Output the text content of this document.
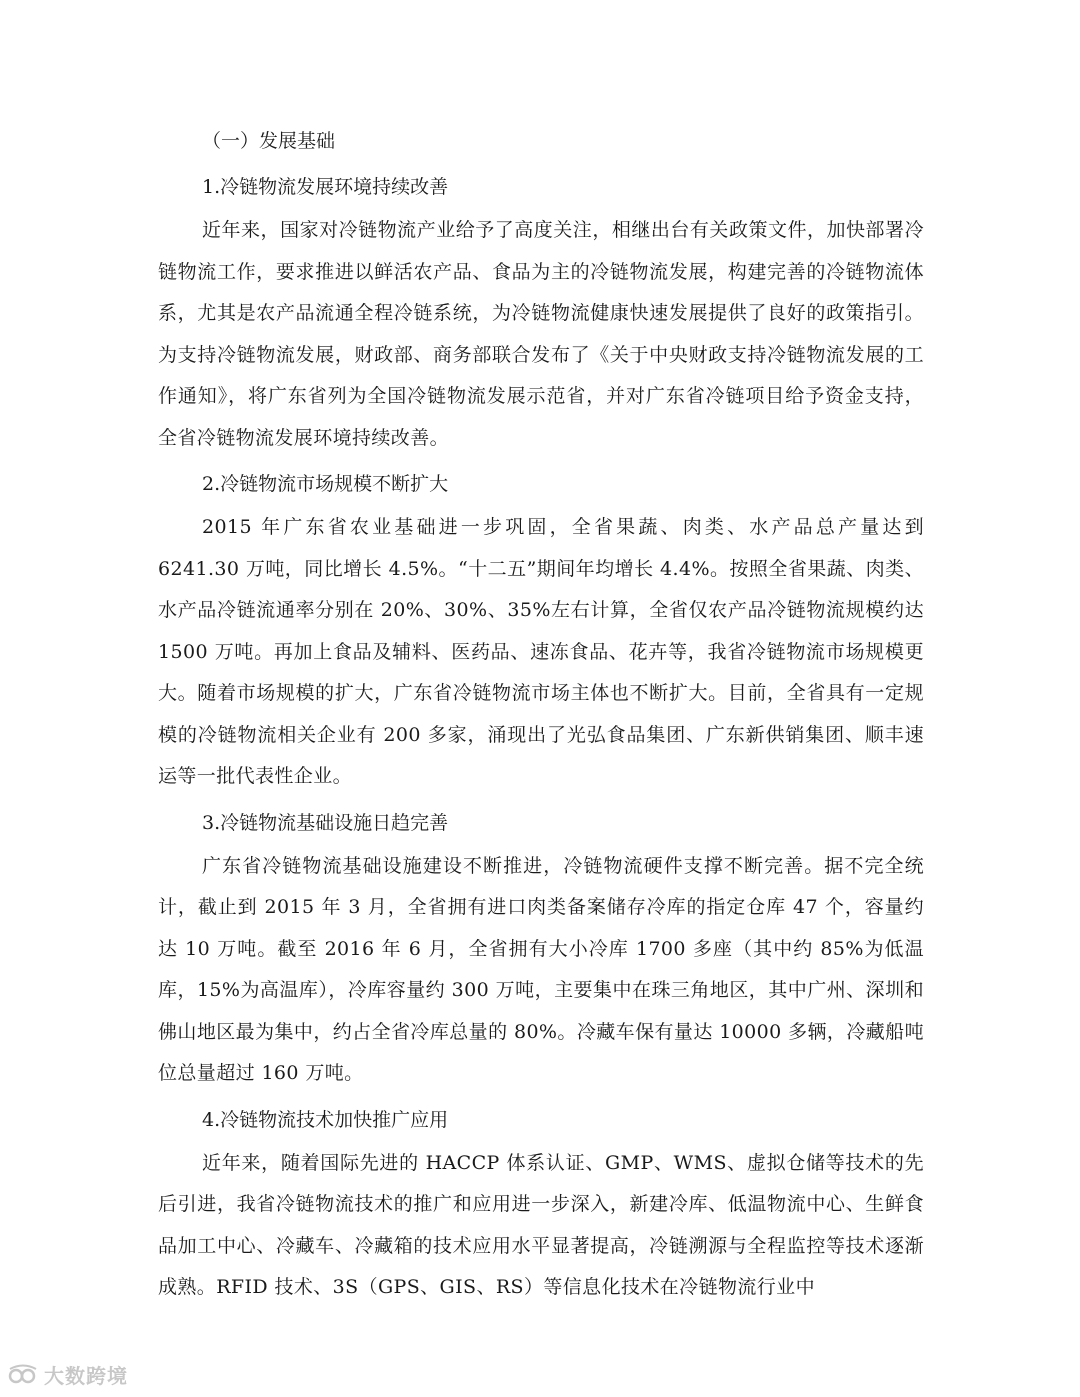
（一）发展基础

1.冷链物流发展环境持续改善

近年来，国家对冷链物流产业给予了高度关注，相继出台有关政策文件，加快部署冷链物流工作，要求推进以鲜活农产品、食品为主的冷链物流发展，构建完善的冷链物流体系，尤其是农产品流通全程冷链系统，为冷链物流健康快速发展提供了良好的政策指引。为支持冷链物流发展，财政部、商务部联合发布了《关于中央财政支持冷链物流发展的工作通知》，将广东省列为全国冷链物流发展示范省，并对广东省冷链项目给予资金支持，全省冷链物流发展环境持续改善。

2.冷链物流市场规模不断扩大

2015 年广东省农业基础进一步巩固，全省果蔬、肉类、水产品总产量达到 6241.30 万吨，同比增长 4.5%。“十二五”期间年均增长 4.4%。按照全省果蔬、肉类、水产品冷链流通率分别在 20%、30%、35%左右计算，全省仅农产品冷链物流规模约达 1500 万吨。再加上食品及辅料、医药品、速冻食品、花卉等，我省冷链物流市场规模更大。随着市场规模的扩大，广东省冷链物流市场主体也不断扩大。目前，全省具有一定规模的冷链物流相关企业有 200 多家，涌现出了光弘食品集团、广东新供销集团、顺丰速运等一批代表性企业。

3.冷链物流基础设施日趋完善

广东省冷链物流基础设施建设不断推进，冷链物流硬件支撑不断完善。据不完全统计，截止到 2015 年 3 月，全省拥有进口肉类备案储存冷库的指定仓库 47 个，容量约达 10 万吨。截至 2016 年 6 月，全省拥有大小冷库 1700 多座（其中约 85%为低温库，15%为高温库），冷库容量约 300 万吨，主要集中在珠三角地区，其中广州、深圳和佛山地区最为集中，约占全省冷库总量的 80%。冷藏车保有量达 10000 多辆，冷藏船吨位总量超过 160 万吨。

4.冷链物流技术加快推广应用

近年来，随着国际先进的 HACCP 体系认证、GMP、WMS、虚拟仓储等技术的先后引进，我省冷链物流技术的推广和应用进一步深入，新建冷库、低温物流中心、生鲜食品加工中心、冷藏车、冷藏箱的技术应用水平显著提高，冷链溯源与全程监控等技术逐渐成熟。RFID 技术、3S（GPS、GIS、RS）等信息化技术在冷链物流行业中

大数跨境
